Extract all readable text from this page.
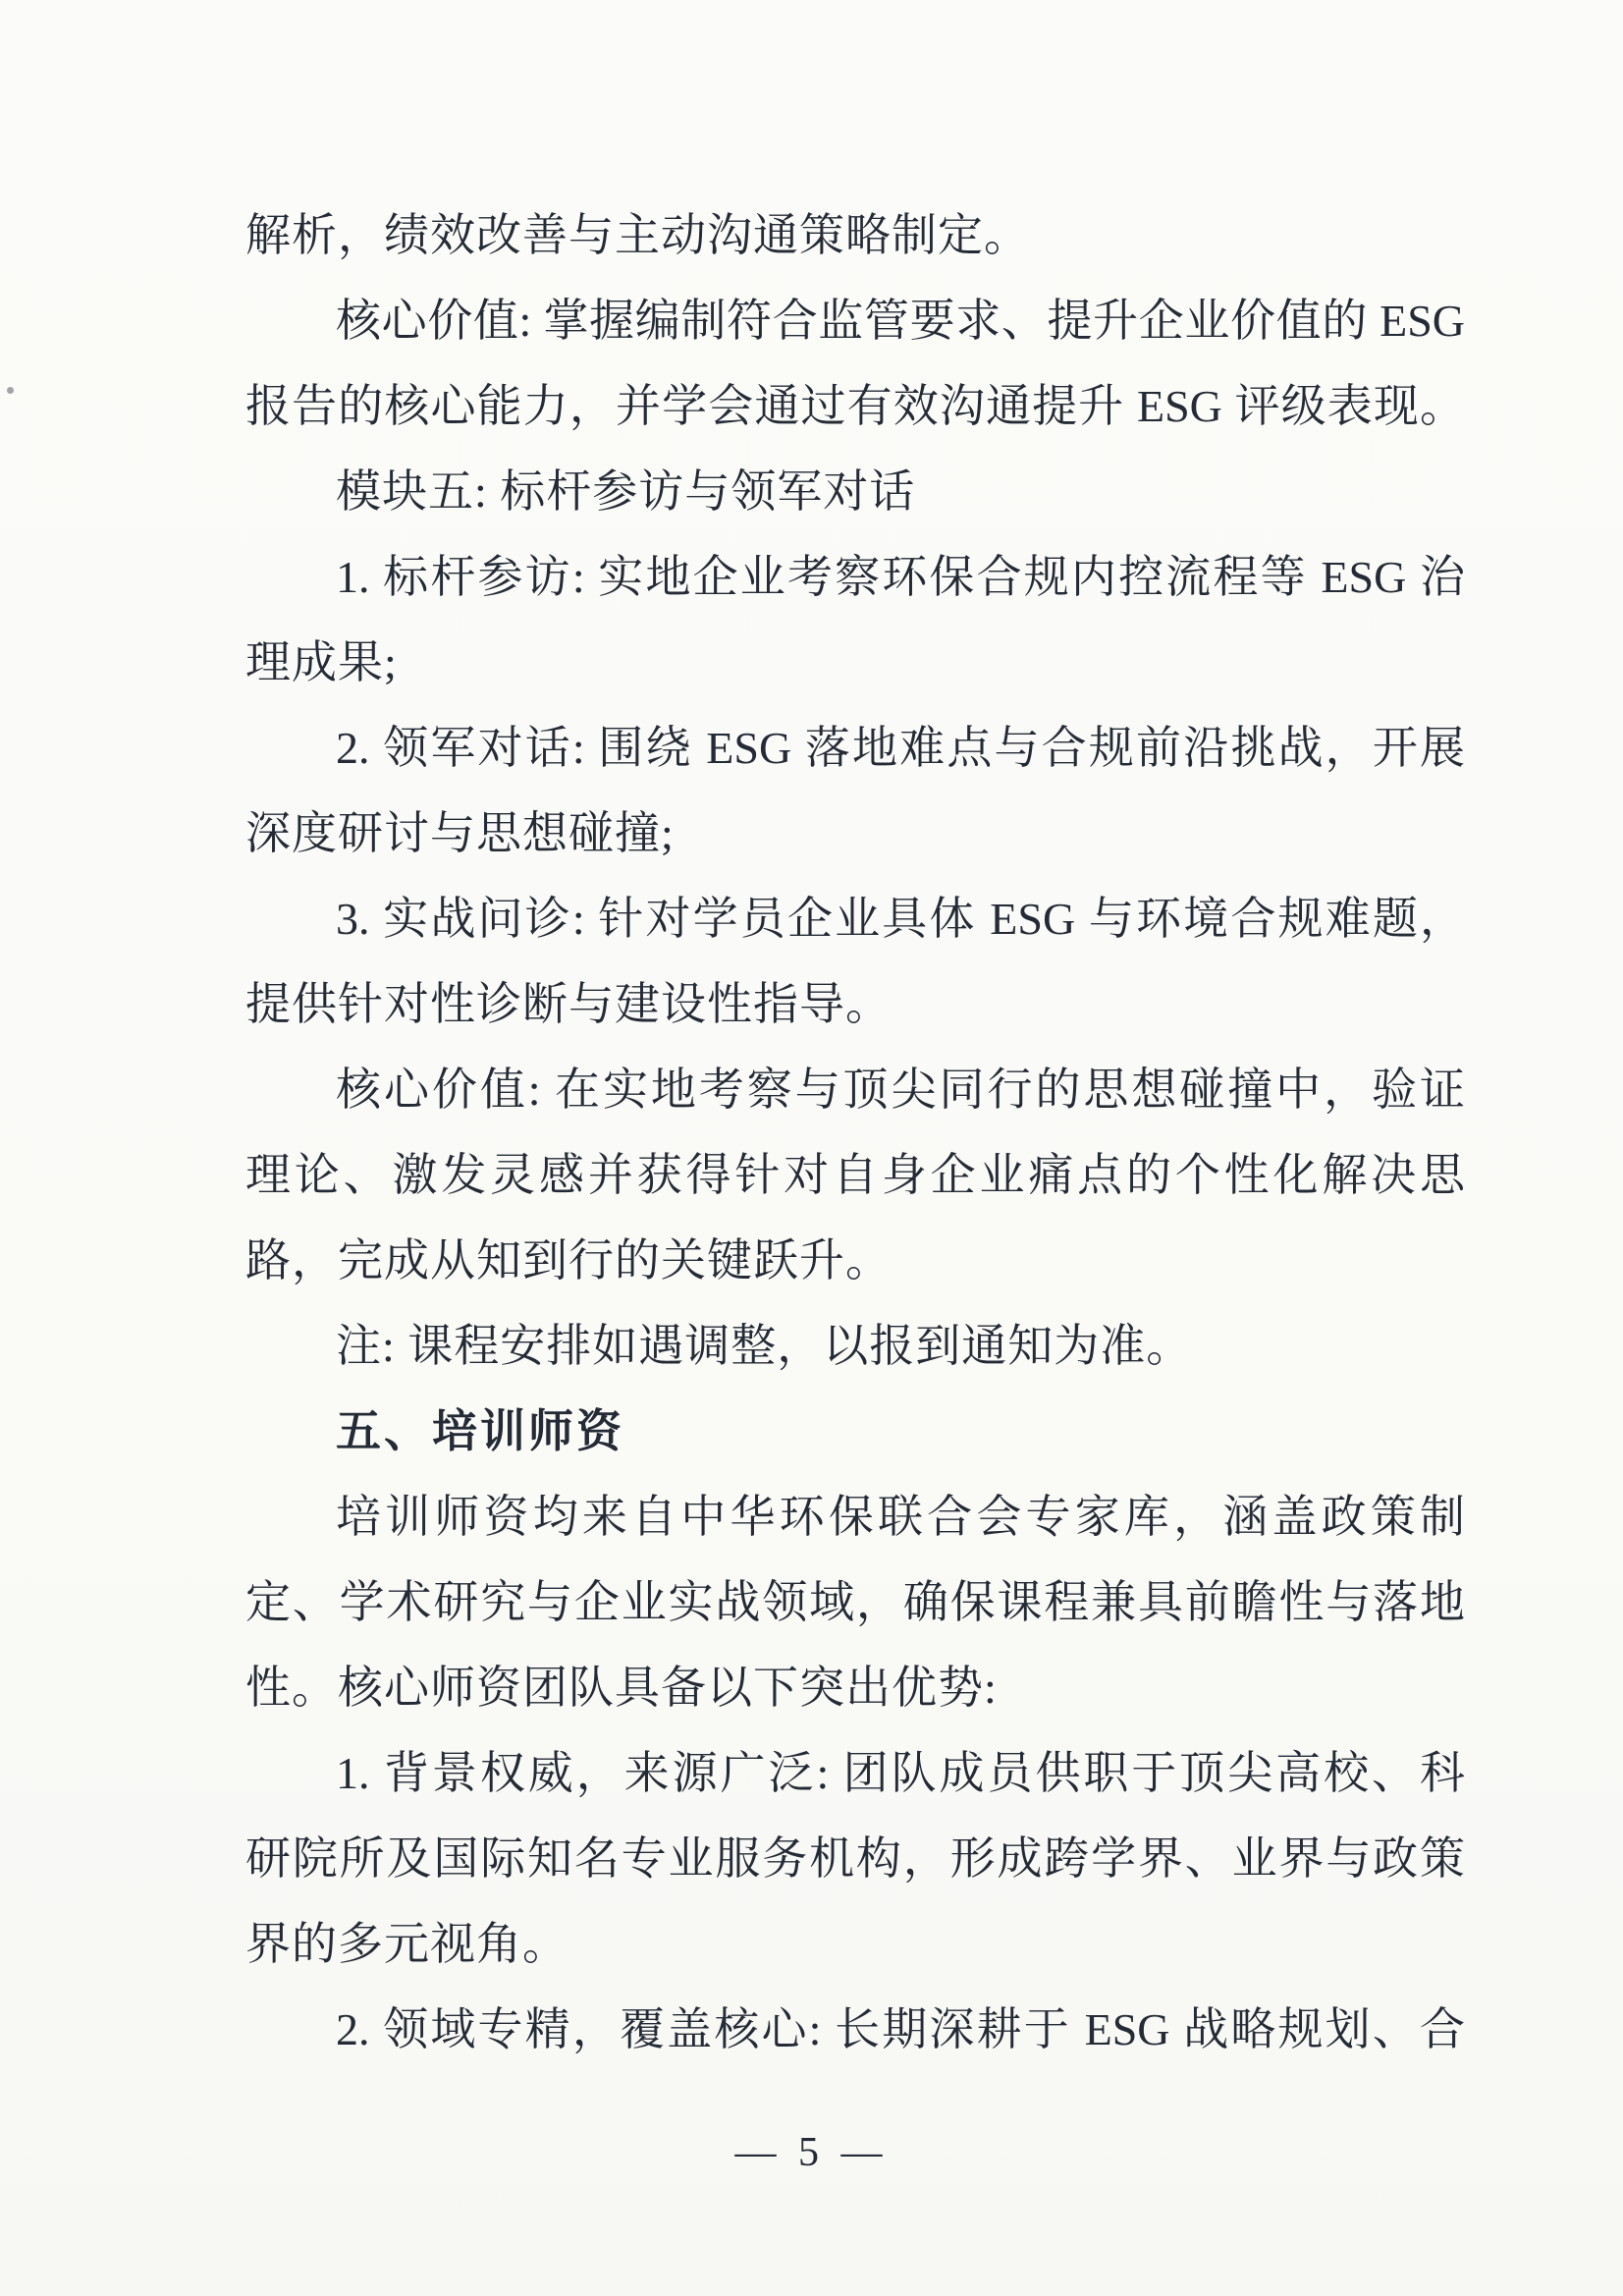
解析，绩效改善与主动沟通策略制定。
核心价值: 掌握编制符合监管要求、提升企业价值的 ESG
报告的核心能力，并学会通过有效沟通提升 ESG 评级表现。
模块五: 标杆参访与领军对话
1. 标杆参访: 实地企业考察环保合规内控流程等 ESG 治
理成果;
2. 领军对话: 围绕 ESG 落地难点与合规前沿挑战，开展
深度研讨与思想碰撞;
3. 实战问诊: 针对学员企业具体 ESG 与环境合规难题，
提供针对性诊断与建设性指导。
核心价值: 在实地考察与顶尖同行的思想碰撞中，验证
理论、激发灵感并获得针对自身企业痛点的个性化解决思
路，完成从知到行的关键跃升。
注: 课程安排如遇调整，以报到通知为准。
五、培训师资
培训师资均来自中华环保联合会专家库，涵盖政策制
定、学术研究与企业实战领域，确保课程兼具前瞻性与落地
性。核心师资团队具备以下突出优势:
1. 背景权威，来源广泛: 团队成员供职于顶尖高校、科
研院所及国际知名专业服务机构，形成跨学界、业界与政策
界的多元视角。
2. 领域专精，覆盖核心: 长期深耕于 ESG 战略规划、合
— 5 —
